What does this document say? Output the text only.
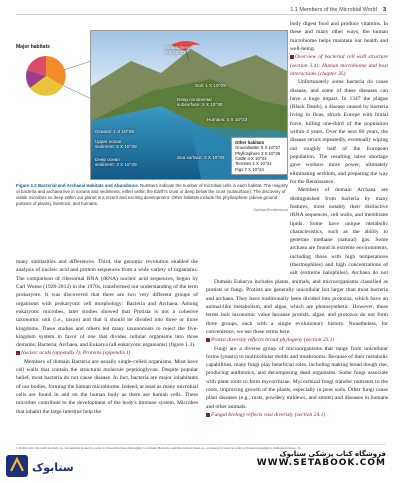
1.1 Members of the Microbial World 3
Major habitats	Atmosphere:
5 X 10^23
Soil: 1 X 10^29
Deep continental
subsurface: 3 X 10^30
Humans: 4 X 10^23
Oceans: 1 X 10^29
Upper ocean
sediment: 5 X 10^28
Deep ocean
sediment: 3 X 10^29
Sea surface: 2 X 10^23
Other habitats
Groundwater 5 X 10^27
Phyllosphere 2 X 10^26
Cattle 4 X 10^24
Termites 1 X 10^24
Pigs 7 X 10^23
Figure 1.2 Bacterial and Archaeal Habitats and Abundance. Numbers indicate the number of microbial cells in each habitat. The majority of bacteria and archaea live in oceans and sediments, either within the Earth's crust or deep below the crust (subsurface). The discovery of viable microbes so deep within our planet is a recent and exciting development. Other habitats include the phyllosphere (above ground portions of plants), livestock, and humans.
Salinas/Shutterstock

body digest food and produce vitamins. In these and many other ways, the human microbiome helps maintain our health and well-being.

Overview of bacterial cell wall structure (section 3.4); Human microbiome and host interactions (chapter 35)

Unfortunately some bacteria do cause disease, and some of these diseases can have a huge impact. In 1347 the plague (Black Death), a disease caused by bacteria living in fleas, struck Europe with brutal force, killing one-third of the population within 4 years. Over the next 80 years, the disease struck repeatedly, eventually wiping out roughly half of the European population. The resulting labor shortage gave workers more power, ultimately eliminating serfdom, and preparing the way for the Renaissance.

Members of domain Archaea are distinguished from bacteria by many features, most notably their distinctive rRNA sequences, cell walls, and membrane lipids. Some have unique metabolic characteristics, such as the ability to generate methane (natural) gas. Some archaea are found in extreme environments, including those with high temperatures (thermophiles) and high concentrations of salt (extreme halophiles). Archaea do not

many similarities and differences. Third, the genomic revolution enabled the analysis of nucleic acid and protein sequences from a wide variety of organisms. The comparison of ribosomal RNA (rRNA) nucleic acid sequences, begun by Carl Woese (1928-2012) in the 1970s, transformed our understanding of the term prokaryote. It was discovered that there are two very different groups of organisms with prokaryotic cell morphology: Bacteria and Archaea. Among eukaryotic microbes, later studies showed that Protista is not a cohesive taxonomic unit (i.e., taxon) and that it should be divided into three or more kingdoms. These studies and others led many taxonomists to reject the five-kingdom system in favor of one that divides cellular organisms into three domains: Bacteria, Archaea, and Eukarya (all eukaryotic organisms) (figure 1.3).

Nucleic acids (appendix I); Proteins (appendix I)

Members of domain Bacteria are usually single-celled organisms. Most have cell walls that contain the structural molecule peptidoglycan. Despite popular belief, most bacteria do not cause disease. In fact, bacteria are major inhabitants of our bodies, forming the human microbiome. Indeed, at least as many microbial cells are found in and on the human body as there are human cells. These microbes contribute to the development of the body's immune system. Microbes that inhabit the large intestine help the

Domain Eukarya includes plants, animals, and microorganisms classified as protists or fungi. Protists are generally unicellular but larger than most bacteria and archaea. They have traditionally been divided into protozoa, which have an animal-like metabolism, and algae, which are photosynthetic. However, these terms lack taxonomic value because protists, algae, and protozoa do not form three groups, each with a single evolutionary history. Nonetheless, for convenience, we use these terms here.

Protist diversity reflects broad phylogeny (section 23.1)

Fungi are a diverse group of microorganisms that range from unicellular forms (yeasts) to multicellular molds and mushrooms. Because of their metabolic capabilities, many fungi play beneficial roles, including making bread dough rise, producing antibiotics, and decomposing dead organisms. Some fungi associate with plant roots to form mycorrhizae. Mycorrhizal fungi transfer nutrients to the roots, improving growth of the plants, especially in poor soils. Other fungi cause plant diseases (e.g., rusts, powdery mildews, and smuts) and diseases in humans and other animals.

Fungal biology reflects vast diversity (section 24.1)

1 In this text, the term bacteria (s., bacterium) is used to refer to those microbes belonging to domain Bacteria, and the term archaea (s., archaeon) is used to refer to those belonging to domain Archaea. In
ستابوک
فروشگاه کتاب پزشکی ستابوک
WWW.SETABOOK.COM
